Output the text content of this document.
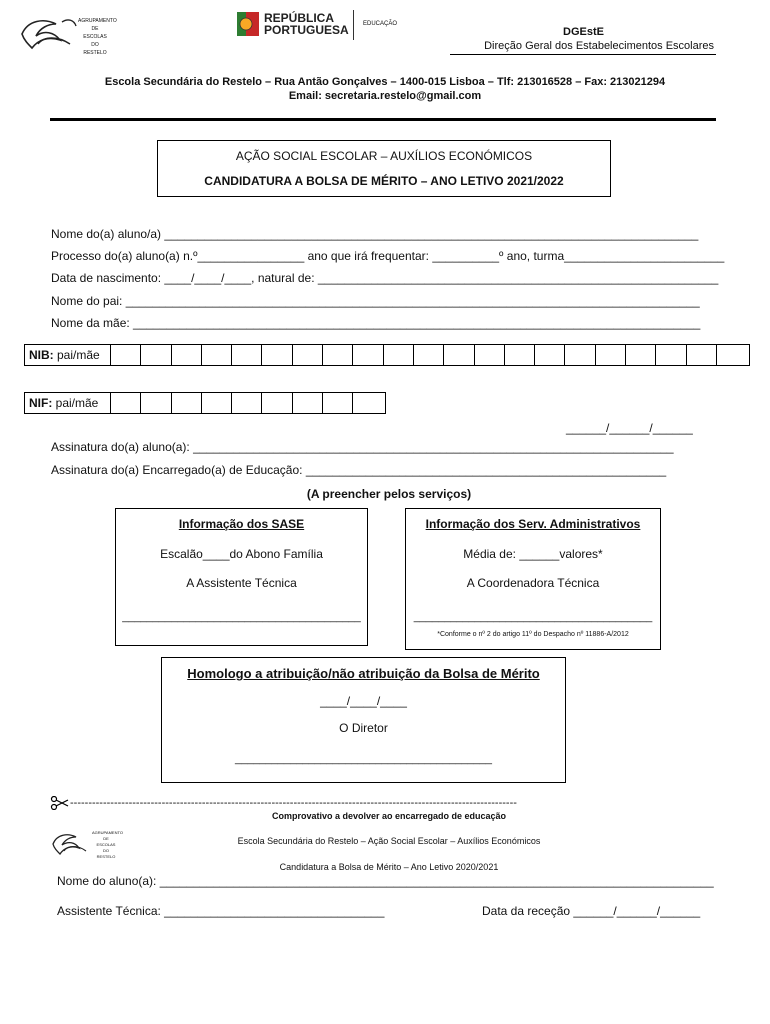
AGRUPAMENTO
DE
ESCOLAS
DO
RESTELO
REPÚBLICA
PORTUGUESA EDUCAÇÃO
DGEstE
Direção Geral dos Estabelecimentos Escolares
Escola Secundária do Restelo – Rua Antão Gonçalves – 1400-015 Lisboa – Tlf: 213016528 – Fax: 213021294
Email: secretaria.restelo@gmail.com
AÇÃO SOCIAL ESCOLAR – AUXÍLIOS ECONÓMICOS
CANDIDATURA A BOLSA DE MÉRITO – ANO LETIVO 2021/2022
Nome do(a) aluno/a) ________________________________________________________________________________
Processo do(a) aluno(a) n.º________________ ano que irá frequentar: __________º ano, turma________________________
Data de nascimento: ____/____/____, natural de: ____________________________________________________________
Nome do pai: ______________________________________________________________________________________
Nome da mãe: _____________________________________________________________________________________
NIB: pai/mãe
NIF: pai/mãe
______/______/______
Assinatura do(a) aluno(a): ________________________________________________________________________
Assinatura do(a) Encarregado(a) de Educação: ______________________________________________________
(A preencher pelos serviços)
Informação dos SASE
Escalão____do Abono Família
A Assistente Técnica
_______________________________________
Informação dos Serv. Administrativos
Média de: ______valores*
A Coordenadora Técnica
_______________________________________
*Conforme o nº 2 do artigo 11º do Despacho nº 11886-A/2012
Homologo a atribuição/não atribuição da Bolsa de Mérito
____/____/____
O Diretor
__________________________________________
--------------------------------------------------------------------------------------------------------------------------
Comprovativo a devolver ao encarregado de educação
AGRUPAMENTO
DE
ESCOLAS
DO
RESTELO
Escola Secundária do Restelo – Ação Social Escolar – Auxílios Económicos
Candidatura a Bolsa de Mérito – Ano Letivo 2020/2021
Nome do aluno(a): ___________________________________________________________________________________
Assistente Técnica: _________________________________	Data da receção ______/______/______
